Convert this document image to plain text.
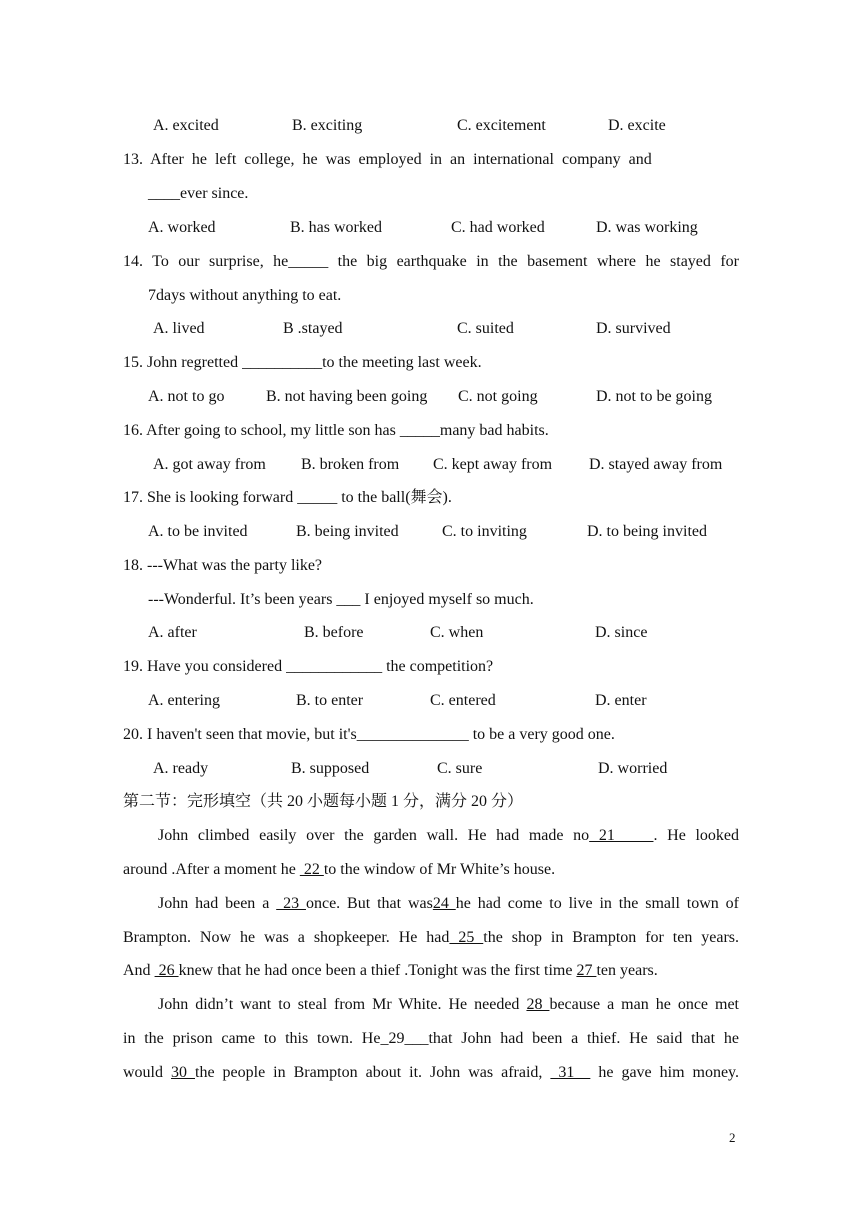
A. excited	B. exciting	C. excitement	D. excite
13.  After  he  left  college,  he  was  employed  in  an  international  company  and
____ever since.
A. worked	B. has worked	C. had worked	D. was working
14. To our surprise, he_____ the big earthquake in the basement where he stayed for
7days without anything to eat.
A. lived	B .stayed	C. suited	D. survived
15. John regretted __________to the meeting last week.
A. not to go	B. not having been going C. not going	D. not to be going
16. After going to school, my little son has _____many bad habits.
A. got away from B. broken from C. kept away from D. stayed away from
17. She is looking forward _____ to the ball(舞会).
A. to be invited	B. being invited	C. to inviting	D. to being invited
18. ---What was the party like?
---Wonderful. It’s been years ___ I enjoyed myself so much.
A. after	B. before	C. when	D. since
19. Have you considered ____________ the competition?
A. entering	B. to enter	C. entered	D. enter
20. I haven't seen that movie, but it's______________ to be a very good one.
A. ready	B. supposed	C. sure	D. worried
第二节：完形填空（共 20 小题每小题 1 分，满分 20 分）
John climbed easily over the garden wall. He had made no 21    . He looked
around .After a moment he  22 to the window of Mr White’s house.
John had been a  23 once. But that was24 he had come to live in the small town of
Brampton. Now he was a shopkeeper. He had 25 the shop in Brampton for ten years.
And  26 knew that he had once been a thief .Tonight was the first time 27 ten years.
John didn’t want to steal from Mr White. He needed 28 because a man he once met
in the prison came to this town. He_29___that John had been a thief. He said that he
would 30 the people in Brampton about it. John was afraid,  31   he gave him money.
2
